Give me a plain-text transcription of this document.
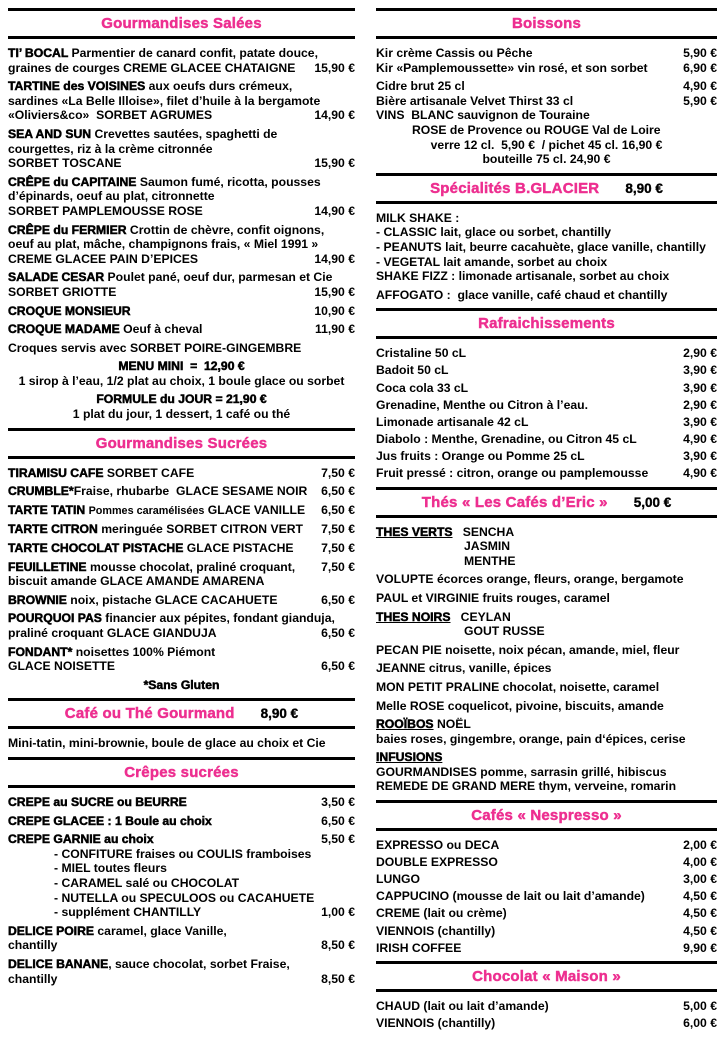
Gourmandises Salées
TI’ BOCAL Parmentier de canard confit, patate douce,
graines de courges CREME GLACEE CHATAIGNE 15,90 €
TARTINE des VOISINES aux oeufs durs crémeux,
sardines «La Belle Illoise», filet d’huile à la bergamote
«Oliviers&co»  SORBET AGRUMES	14,90 €
SEA AND SUN Crevettes sautées, spaghetti de
courgettes, riz à la crème citronnée
SORBET TOSCANE	15,90 €
CRÊPE du CAPITAINE Saumon fumé, ricotta, pousses
d’épinards, oeuf au plat, citronnette
SORBET PAMPLEMOUSSE ROSE	14,90 €
CRÊPE du FERMIER Crottin de chèvre, confit oignons,
oeuf au plat, mâche, champignons frais, « Miel 1991 »
CREME GLACEE PAIN D’EPICES	14,90 €
SALADE CESAR Poulet pané, oeuf dur, parmesan et Cie
SORBET GRIOTTE	15,90 €
CROQUE MONSIEUR	10,90 €
CROQUE MADAME Oeuf à cheval	11,90 €
Croques servis avec SORBET POIRE-GINGEMBRE
MENU MINI  =  12,90 €
1 sirop à l’eau, 1/2 plat au choix, 1 boule glace ou sorbet
FORMULE du JOUR = 21,90 €
1 plat du jour, 1 dessert, 1 café ou thé
Gourmandises Sucrées
TIRAMISU CAFE SORBET CAFE	7,50 €
CRUMBLE*Fraise, rhubarbe  GLACE SESAME NOIR 6,50 €
TARTE TATIN Pommes caramélisées GLACE VANILLE 6,50 €
TARTE CITRON meringuée SORBET CITRON VERT 7,50 €
TARTE CHOCOLAT PISTACHE GLACE PISTACHE 7,50 €
FEUILLETINE mousse chocolat, praliné croquant, 7,50 €
biscuit amande GLACE AMANDE AMARENA
BROWNIE noix, pistache GLACE CACAHUETE	6,50 €
POURQUOI PAS financier aux pépites, fondant gianduja,
praliné croquant GLACE GIANDUJA	6,50 €
FONDANT* noisettes 100% Piémont
GLACE NOISETTE	6,50 €
*Sans Gluten
Café ou Thé Gourmand 8,90 €
Mini-tatin, mini-brownie, boule de glace au choix et Cie
Crêpes sucrées
CREPE au SUCRE ou BEURRE	3,50 €
CREPE GLACEE : 1 Boule au choix	6,50 €
CREPE GARNIE au choix	5,50 €
- CONFITURE fraises ou COULIS framboises
- MIEL toutes fleurs
- CARAMEL salé ou CHOCOLAT
- NUTELLA ou SPECULOOS ou CACAHUETE
- supplément CHANTILLY	1,00 €
DELICE POIRE caramel, glace Vanille,
chantilly	8,50 €
DELICE BANANE, sauce chocolat, sorbet Fraise,
chantilly	8,50 €
Boissons
Kir crème Cassis ou Pêche	5,90 €
Kir «Pamplemoussette» vin rosé, et son sorbet	6,90 €
Cidre brut 25 cl	4,90 €
Bière artisanale Velvet Thirst 33 cl	5,90 €
VINS  BLANC sauvignon de Touraine
ROSE de Provence ou ROUGE Val de Loire
verre 12 cl.  5,90 €  / pichet 45 cl. 16,90 €
bouteille 75 cl. 24,90 €
Spécialités B.GLACIER 8,90 €
MILK SHAKE :
- CLASSIC lait, glace ou sorbet, chantilly
- PEANUTS lait, beurre cacahuète, glace vanille, chantilly
- VEGETAL lait amande, sorbet au choix
SHAKE FIZZ : limonade artisanale, sorbet au choix
AFFOGATO :  glace vanille, café chaud et chantilly
Rafraichissements
Cristaline 50 cL	2,90 €
Badoit 50 cL	3,90 €
Coca cola 33 cL	3,90 €
Grenadine, Menthe ou Citron à l’eau.	2,90 €
Limonade artisanale 42 cL	3,90 €
Diabolo : Menthe, Grenadine, ou Citron 45 cL	4,90 €
Jus fruits : Orange ou Pomme 25 cL	3,90 €
Fruit pressé : citron, orange ou pamplemousse	4,90 €
Thés « Les Cafés d’Eric » 5,00 €
THES VERTS   SENCHA
JASMIN
MENTHE
VOLUPTE écorces orange, fleurs, orange, bergamote
PAUL et VIRGINIE fruits rouges, caramel
THES NOIRS   CEYLAN
GOUT RUSSE
PECAN PIE noisette, noix pécan, amande, miel, fleur
JEANNE citrus, vanille, épices
MON PETIT PRALINE chocolat, noisette, caramel
Melle ROSE coquelicot, pivoine, biscuits, amande
ROOÏBOS NOËL
baies roses, gingembre, orange, pain d‘épices, cerise
INFUSIONS
GOURMANDISES pomme, sarrasin grillé, hibiscus
REMEDE DE GRAND MERE thym, verveine, romarin
Cafés « Nespresso »
EXPRESSO ou DECA	2,00 €
DOUBLE EXPRESSO	4,00 €
LUNGO	3,00 €
CAPPUCINO (mousse de lait ou lait d’amande)	4,50 €
CREME (lait ou crème)	4,50 €
VIENNOIS (chantilly)	4,50 €
IRISH COFFEE	9,90 €
Chocolat « Maison »
CHAUD (lait ou lait d’amande)	5,00 €
VIENNOIS (chantilly)	6,00 €
